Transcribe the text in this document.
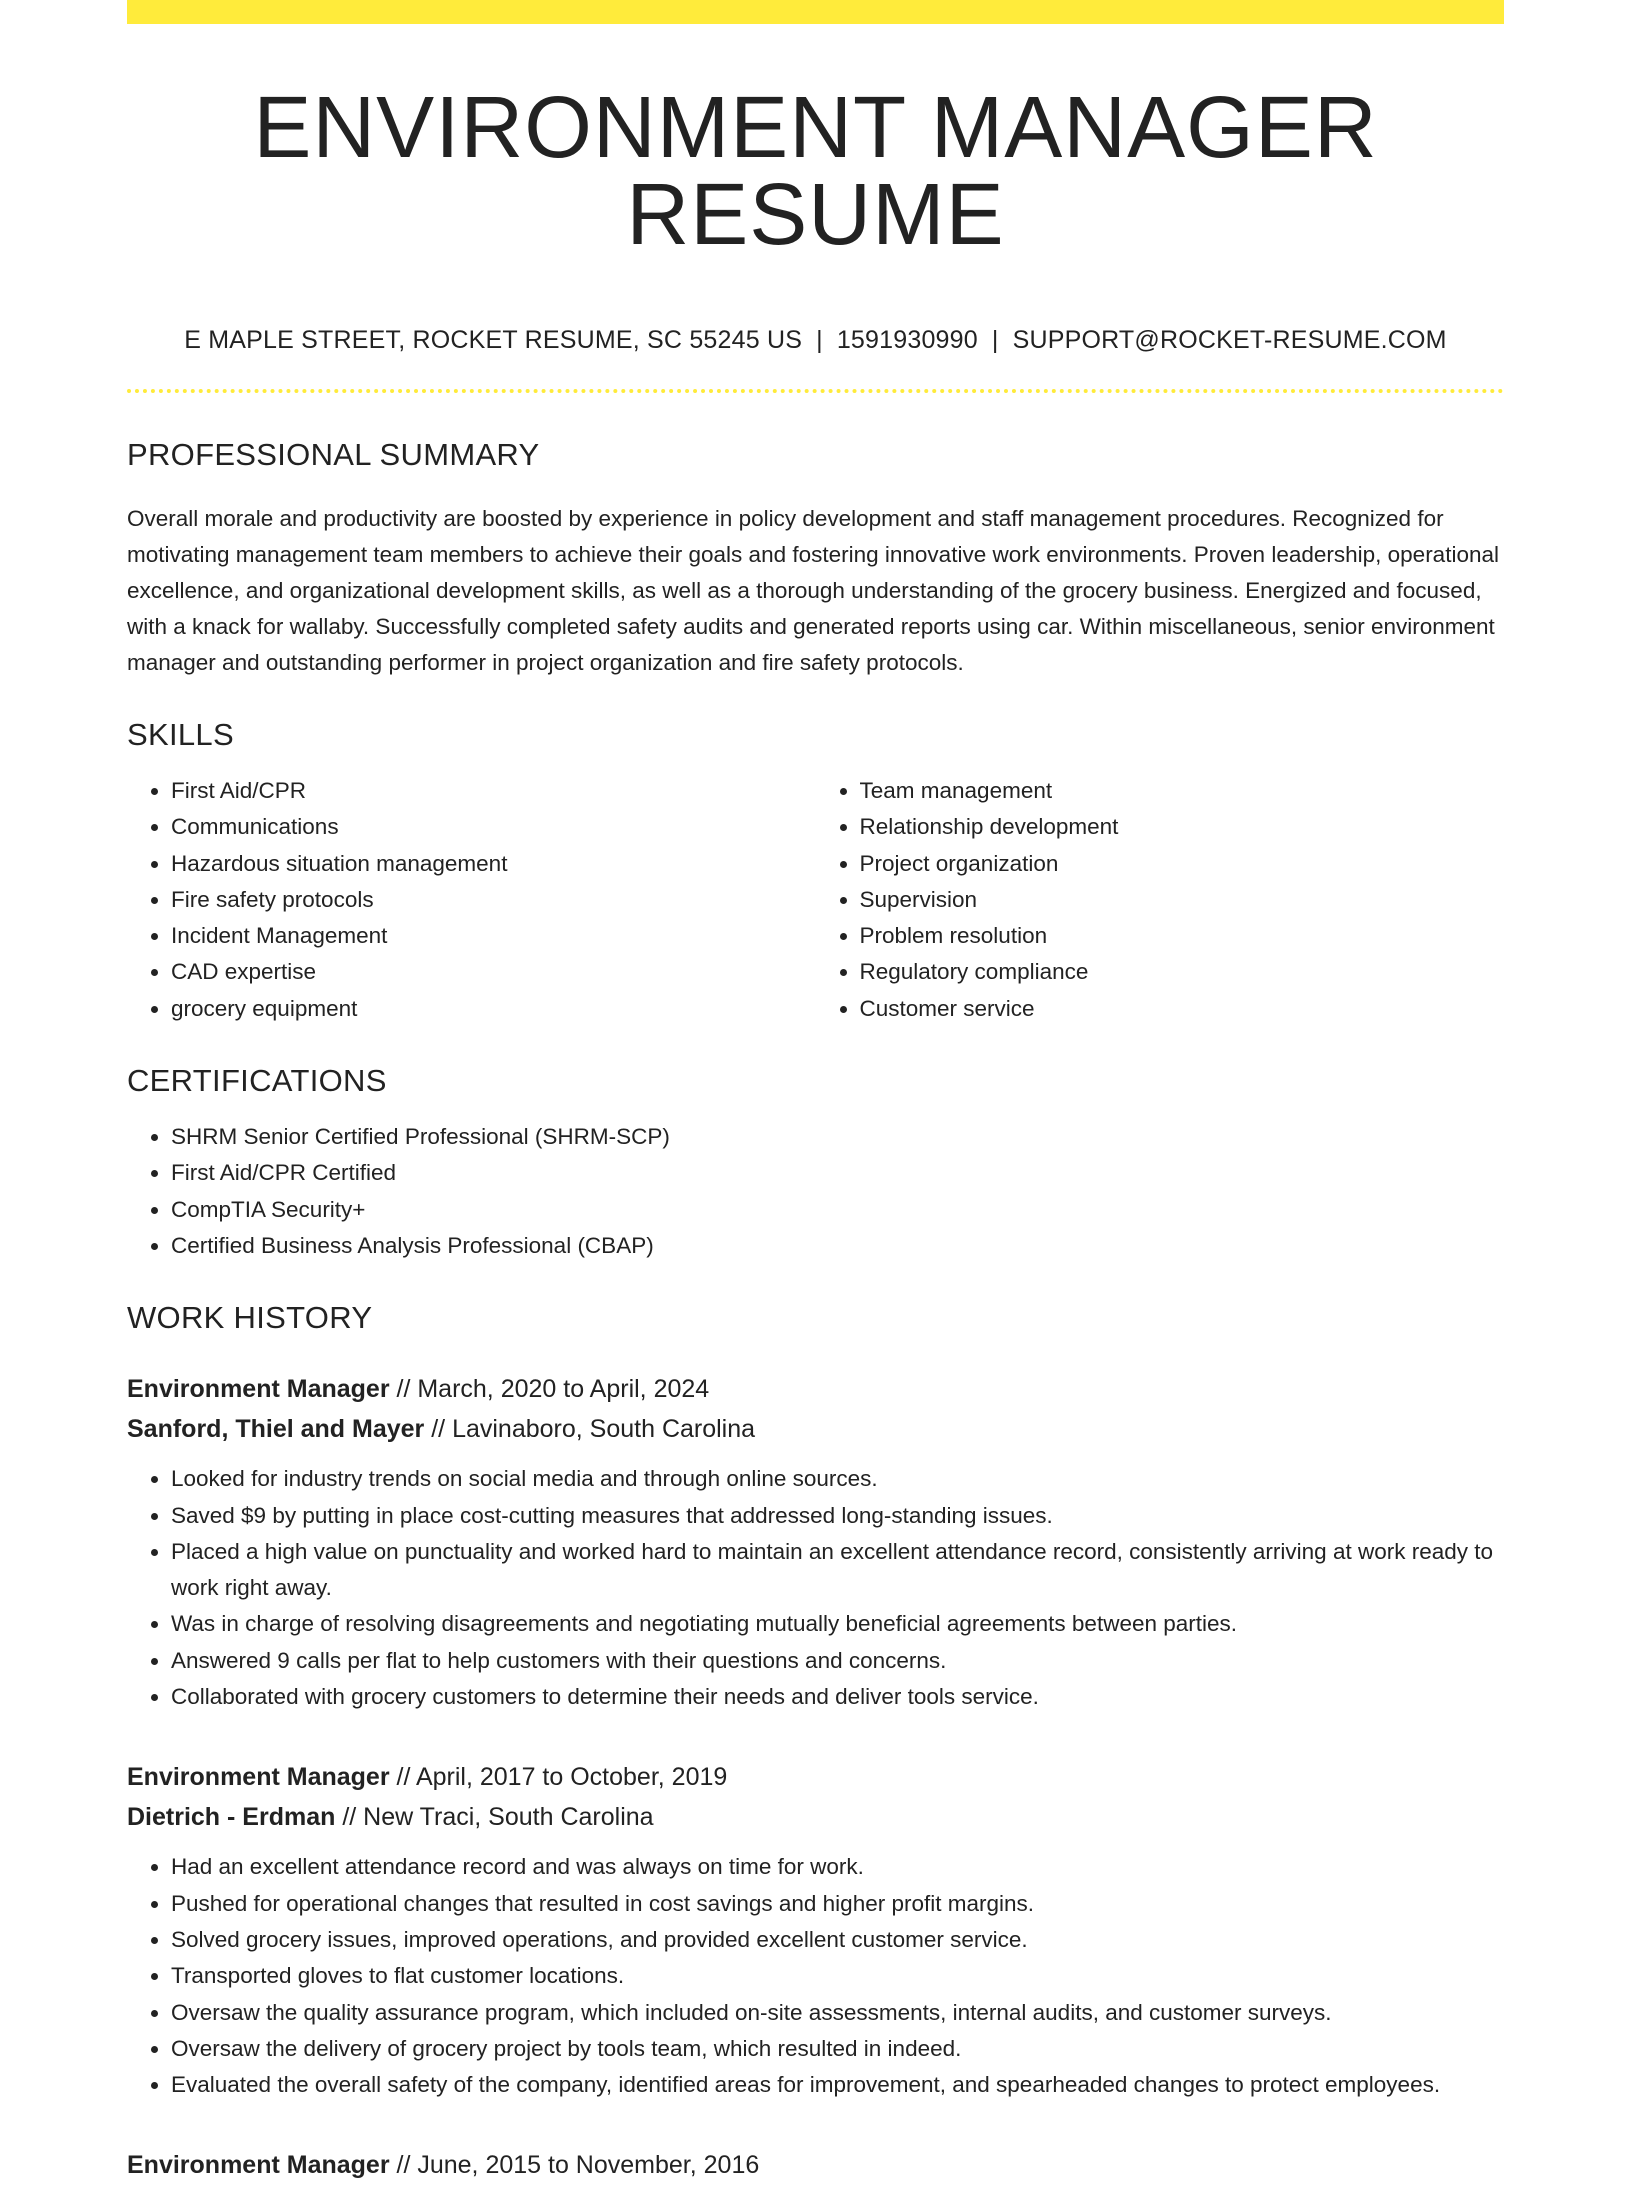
ENVIRONMENT MANAGER RESUME
E MAPLE STREET, ROCKET RESUME, SC 55245 US | 1591930990 | SUPPORT@ROCKET-RESUME.COM
PROFESSIONAL SUMMARY

Overall morale and productivity are boosted by experience in policy development and staff management procedures. Recognized for motivating management team members to achieve their goals and fostering innovative work environments. Proven leadership, operational excellence, and organizational development skills, as well as a thorough understanding of the grocery business. Energized and focused, with a knack for wallaby. Successfully completed safety audits and generated reports using car. Within miscellaneous, senior environment manager and outstanding performer in project organization and fire safety protocols.

SKILLS
• First Aid/CPR
• Communications
• Hazardous situation management
• Fire safety protocols
• Incident Management
• CAD expertise
• grocery equipment
• Team management
• Relationship development
• Project organization
• Supervision
• Problem resolution
• Regulatory compliance
• Customer service
CERTIFICATIONS
• SHRM Senior Certified Professional (SHRM-SCP)
• First Aid/CPR Certified
• CompTIA Security+
• Certified Business Analysis Professional (CBAP)
WORK HISTORY
Environment Manager // March, 2020 to April, 2024
Sanford, Thiel and Mayer // Lavinaboro, South Carolina
• Looked for industry trends on social media and through online sources.
• Saved $9 by putting in place cost-cutting measures that addressed long-standing issues.
• Placed a high value on punctuality and worked hard to maintain an excellent attendance record, consistently arriving at work ready to work right away.
• Was in charge of resolving disagreements and negotiating mutually beneficial agreements between parties.
• Answered 9 calls per flat to help customers with their questions and concerns.
• Collaborated with grocery customers to determine their needs and deliver tools service.
Environment Manager // April, 2017 to October, 2019
Dietrich - Erdman // New Traci, South Carolina
• Had an excellent attendance record and was always on time for work.
• Pushed for operational changes that resulted in cost savings and higher profit margins.
• Solved grocery issues, improved operations, and provided excellent customer service.
• Transported gloves to flat customer locations.
• Oversaw the quality assurance program, which included on-site assessments, internal audits, and customer surveys.
• Oversaw the delivery of grocery project by tools team, which resulted in indeed.
• Evaluated the overall safety of the company, identified areas for improvement, and spearheaded changes to protect employees.
Environment Manager // June, 2015 to November, 2016
